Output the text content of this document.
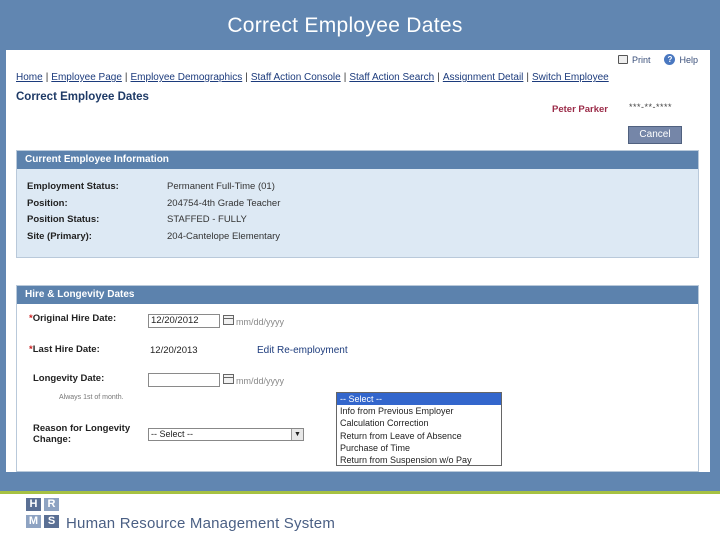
Correct Employee Dates
Print	? Help
Home | Employee Page | Employee Demographics | Staff Action Console | Staff Action Search | Assignment Detail | Switch Employee
Correct Employee Dates
Peter Parker ***-**-****
Cancel
Current Employee Information
Employment Status:	Permanent Full-Time (01)
Position:	204754-4th Grade Teacher
Position Status:	STAFFED - FULLY
Site (Primary):	204-Cantelope Elementary
Hire & Longevity Dates
*Original Hire Date:	12/20/2012	mm/dd/yyyy
*Last Hire Date:	12/20/2013	Edit Re-employment
Longevity Date:	mm/dd/yyyy
Always 1st of month.
Reason for Longevity Change:	-- Select --	▼
-- Select --
Info from Previous Employer
Calculation Correction
Return from Leave of Absence
Purchase of Time
Return from Suspension w/o Pay
H R
M S Human Resource Management System
